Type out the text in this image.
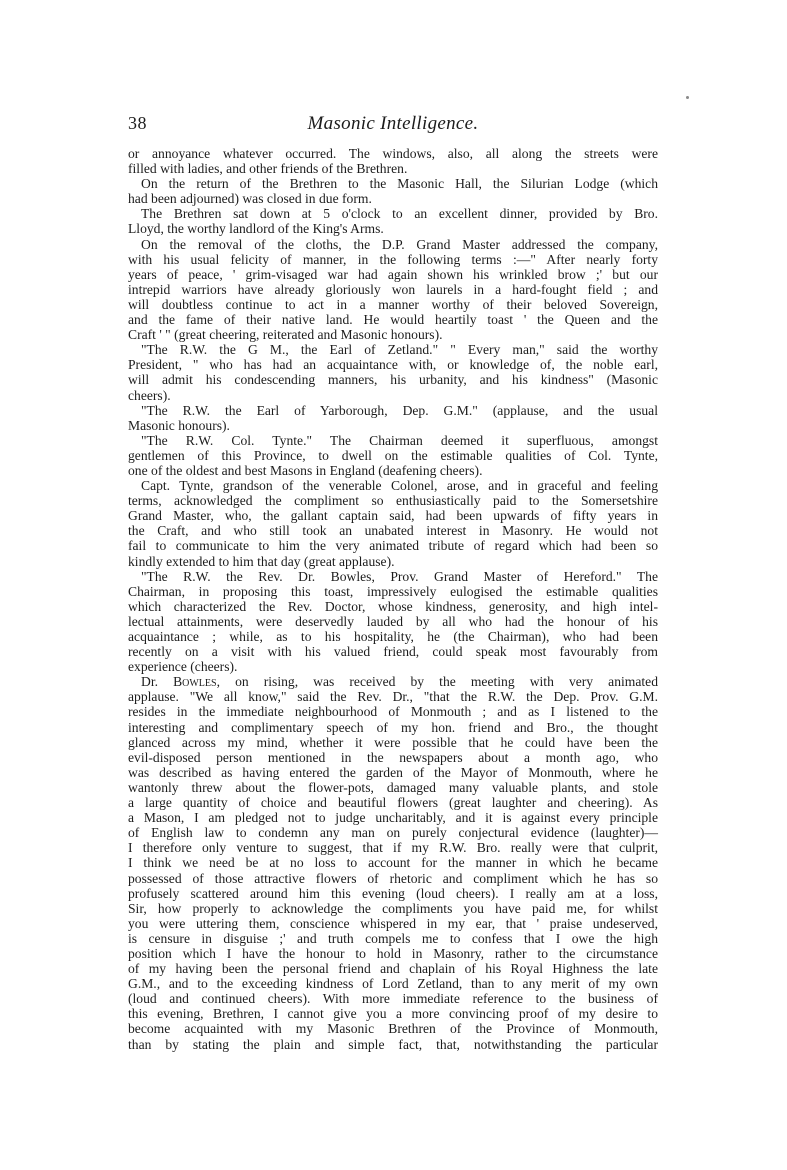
38	Masonic Intelligence.
or annoyance whatever occurred. The windows, also, all along the streets were
filled with ladies, and other friends of the Brethren.
On the return of the Brethren to the Masonic Hall, the Silurian Lodge (which
had been adjourned) was closed in due form.
The Brethren sat down at 5 o'clock to an excellent dinner, provided by Bro.
Lloyd, the worthy landlord of the King's Arms.
On the removal of the cloths, the D.P. Grand Master addressed the company,
with his usual felicity of manner, in the following terms :—" After nearly forty
years of peace, ' grim-visaged war had again shown his wrinkled brow ;' but our
intrepid warriors have already gloriously won laurels in a hard-fought field ; and
will doubtless continue to act in a manner worthy of their beloved Sovereign,
and the fame of their native land. He would heartily toast ' the Queen and the
Craft ' " (great cheering, reiterated and Masonic honours).
"The R.W. the G M., the Earl of Zetland." " Every man," said the worthy
President, " who has had an acquaintance with, or knowledge of, the noble earl,
will admit his condescending manners, his urbanity, and his kindness" (Masonic
cheers).
"The R.W. the Earl of Yarborough, Dep. G.M." (applause, and the usual
Masonic honours).
"The R.W. Col. Tynte." The Chairman deemed it superfluous, amongst
gentlemen of this Province, to dwell on the estimable qualities of Col. Tynte,
one of the oldest and best Masons in England (deafening cheers).
Capt. Tynte, grandson of the venerable Colonel, arose, and in graceful and feeling
terms, acknowledged the compliment so enthusiastically paid to the Somersetshire
Grand Master, who, the gallant captain said, had been upwards of fifty years in
the Craft, and who still took an unabated interest in Masonry. He would not
fail to communicate to him the very animated tribute of regard which had been so
kindly extended to him that day (great applause).
"The R.W. the Rev. Dr. Bowles, Prov. Grand Master of Hereford." The
Chairman, in proposing this toast, impressively eulogised the estimable qualities
which characterized the Rev. Doctor, whose kindness, generosity, and high intel-
lectual attainments, were deservedly lauded by all who had the honour of his
acquaintance ; while, as to his hospitality, he (the Chairman), who had been
recently on a visit with his valued friend, could speak most favourably from
experience (cheers).
Dr. Bowles, on rising, was received by the meeting with very animated
applause. "We all know," said the Rev. Dr., "that the R.W. the Dep. Prov. G.M.
resides in the immediate neighbourhood of Monmouth ; and as I listened to the
interesting and complimentary speech of my hon. friend and Bro., the thought
glanced across my mind, whether it were possible that he could have been the
evil-disposed person mentioned in the newspapers about a month ago, who
was described as having entered the garden of the Mayor of Monmouth, where he
wantonly threw about the flower-pots, damaged many valuable plants, and stole
a large quantity of choice and beautiful flowers (great laughter and cheering). As
a Mason, I am pledged not to judge uncharitably, and it is against every principle
of English law to condemn any man on purely conjectural evidence (laughter)—
I therefore only venture to suggest, that if my R.W. Bro. really were that culprit,
I think we need be at no loss to account for the manner in which he became
possessed of those attractive flowers of rhetoric and compliment which he has so
profusely scattered around him this evening (loud cheers). I really am at a loss,
Sir, how properly to acknowledge the compliments you have paid me, for whilst
you were uttering them, conscience whispered in my ear, that ' praise undeserved,
is censure in disguise ;' and truth compels me to confess that I owe the high
position which I have the honour to hold in Masonry, rather to the circumstance
of my having been the personal friend and chaplain of his Royal Highness the late
G.M., and to the exceeding kindness of Lord Zetland, than to any merit of my own
(loud and continued cheers). With more immediate reference to the business of
this evening, Brethren, I cannot give you a more convincing proof of my desire to
become acquainted with my Masonic Brethren of the Province of Monmouth,
than by stating the plain and simple fact, that, notwithstanding the particular
